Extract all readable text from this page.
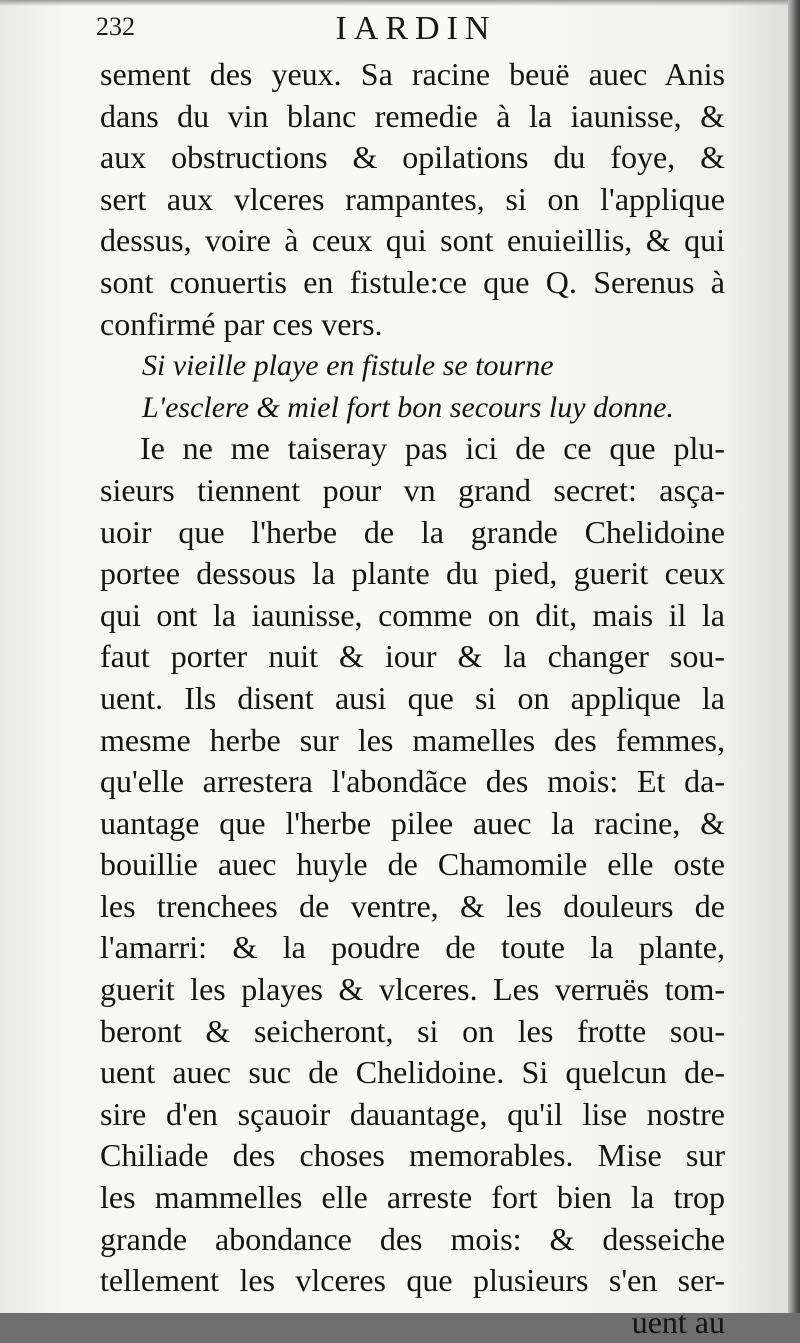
232	IARDIN
sement des yeux. Sa racine beuë auec Anis
dans du vin blanc remedie à la iaunisse, &
aux obstructions & opilations du foye, &
sert aux vlceres rampantes, si on l'applique
dessus, voire à ceux qui sont enuieillis, & qui
sont conuertis en fistule:ce que Q. Serenus à
confirmé par ces vers.
Si vieille playe en fistule se tourne
L'esclere & miel fort bon secours luy donne.
Ie ne me taiseray pas ici de ce que plu-
sieurs tiennent pour vn grand secret: asça-
uoir que l'herbe de la grande Chelidoine
portee dessous la plante du pied, guerit ceux
qui ont la iaunisse, comme on dit, mais il la
faut porter nuit & iour & la changer sou-
uent. Ils disent ausi que si on applique la
mesme herbe sur les mamelles des femmes,
qu'elle arrestera l'abondãce des mois: Et da-
uantage que l'herbe pilee auec la racine, &
bouillie auec huyle de Chamomile elle oste
les trenchees de ventre, & les douleurs de
l'amarri: & la poudre de toute la plante,
guerit les playes & vlceres. Les verruës tom-
beront & seicheront, si on les frotte sou-
uent auec suc de Chelidoine. Si quelcun de-
sire d'en sçauoir dauantage, qu'il lise nostre
Chiliade des choses memorables. Mise sur
les mammelles elle arreste fort bien la trop
grande abondance des mois: & desseiche
tellement les vlceres que plusieurs s'en ser-
uent au
